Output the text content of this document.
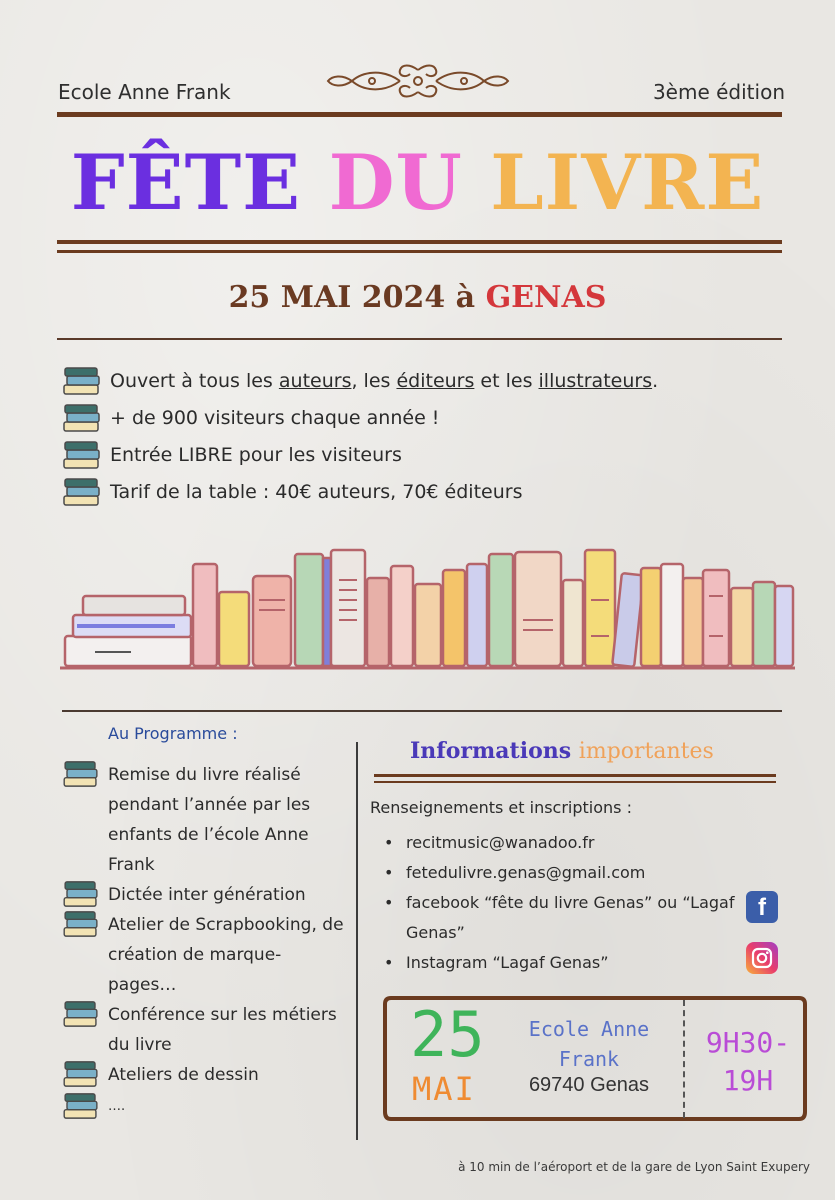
Ecole Anne Frank	3ème édition
FÊTE DU LIVRE
25 MAI 2024 à GENAS
Ouvert à tous les auteurs, les éditeurs et les illustrateurs.
+ de 900 visiteurs chaque année !
Entrée LIBRE pour les visiteurs
Tarif de la table : 40€ auteurs, 70€ éditeurs
Au Programme :
Remise du livre réalisé pendant l’année par les enfants de l’école Anne Frank
Dictée inter génération
Atelier de Scrapbooking, de création de marque-pages…
Conférence sur les métiers du livre
Ateliers de dessin
….
Informations importantes
Renseignements et inscriptions :
• recitmusic@wanadoo.fr
• fetedulivre.genas@gmail.com
• facebook “fête du livre Genas” ou “Lagaf Genas”
• Instagram “Lagaf Genas”
f
25
MAI
Ecole Anne
Frank
69740 Genas
9H30-
19H
à 10 min de l’aéroport et de la gare de Lyon Saint Exupery
